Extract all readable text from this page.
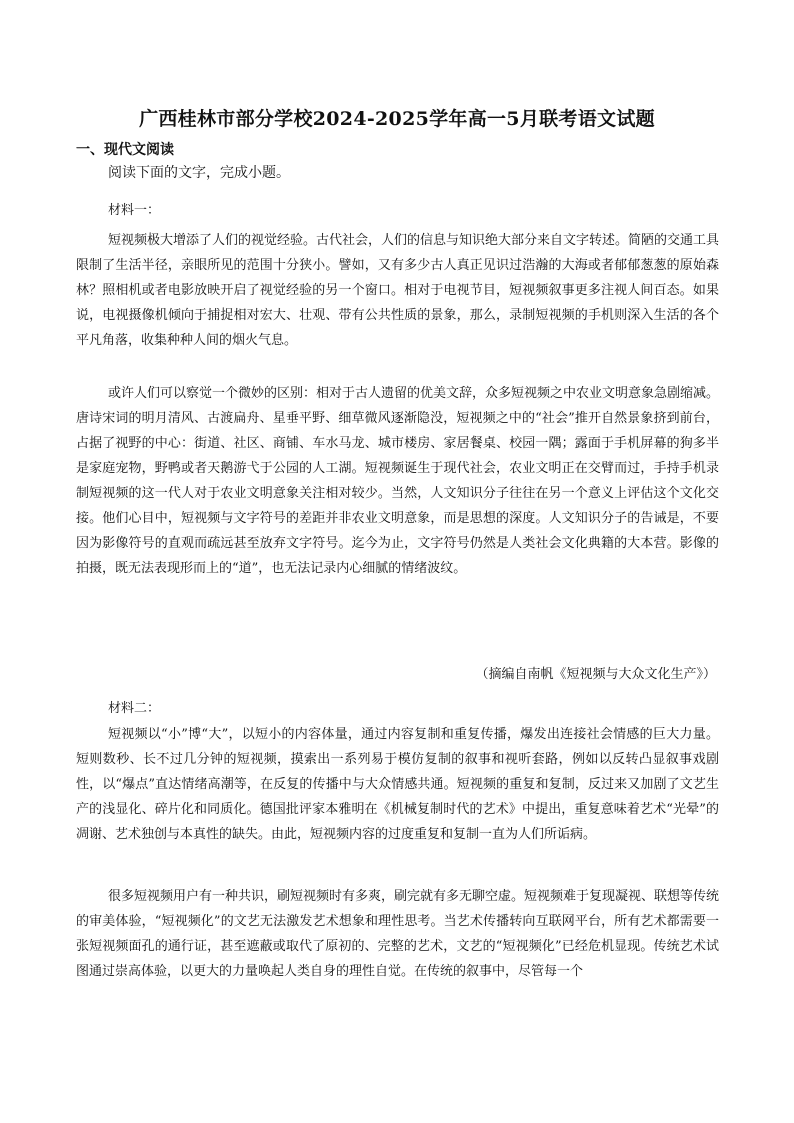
广西桂林市部分学校2024-2025学年高一5月联考语文试题
一、现代文阅读
阅读下面的文字，完成小题。
材料一：

短视频极大增添了人们的视觉经验。古代社会，人们的信息与知识绝大部分来自文字转述。简陋的交通工具限制了生活半径，亲眼所见的范围十分狭小。譬如，又有多少古人真正见识过浩瀚的大海或者郁郁葱葱的原始森林？照相机或者电影放映开启了视觉经验的另一个窗口。相对于电视节目，短视频叙事更多注视人间百态。如果说，电视摄像机倾向于捕捉相对宏大、壮观、带有公共性质的景象，那么，录制短视频的手机则深入生活的各个平凡角落，收集种种人间的烟火气息。

或许人们可以察觉一个微妙的区别：相对于古人遗留的优美文辞，众多短视频之中农业文明意象急剧缩减。唐诗宋词的明月清风、古渡扁舟、星垂平野、细草微风逐渐隐没，短视频之中的“社会”推开自然景象挤到前台，占据了视野的中心：街道、社区、商铺、车水马龙、城市楼房、家居餐桌、校园一隅；露面于手机屏幕的狗多半是家庭宠物，野鸭或者天鹅游弋于公园的人工湖。短视频诞生于现代社会，农业文明正在交臂而过，手持手机录制短视频的这一代人对于农业文明意象关注相对较少。当然，人文知识分子往往在另一个意义上评估这个文化交接。他们心目中，短视频与文字符号的差距并非农业文明意象，而是思想的深度。人文知识分子的告诫是，不要因为影像符号的直观而疏远甚至放弃文字符号。迄今为止，文字符号仍然是人类社会文化典籍的大本营。影像的拍摄，既无法表现形而上的“道”，也无法记录内心细腻的情绪波纹。

（摘编自南帆《短视频与大众文化生产》）
材料二：

短视频以“小”博“大”，以短小的内容体量，通过内容复制和重复传播，爆发出连接社会情感的巨大力量。短则数秒、长不过几分钟的短视频，摸索出一系列易于模仿复制的叙事和视听套路，例如以反转凸显叙事戏剧性，以“爆点”直达情绪高潮等，在反复的传播中与大众情感共通。短视频的重复和复制，反过来又加剧了文艺生产的浅显化、碎片化和同质化。德国批评家本雅明在《机械复制时代的艺术》中提出，重复意味着艺术“光晕”的凋谢、艺术独创与本真性的缺失。由此，短视频内容的过度重复和复制一直为人们所诟病。

很多短视频用户有一种共识，刷短视频时有多爽，刷完就有多无聊空虚。短视频难于复现凝视、联想等传统的审美体验，“短视频化”的文艺无法激发艺术想象和理性思考。当艺术传播转向互联网平台，所有艺术都需要一张短视频面孔的通行证，甚至遮蔽或取代了原初的、完整的艺术，文艺的“短视频化”已经危机显现。传统艺术试图通过崇高体验，以更大的力量唤起人类自身的理性自觉。在传统的叙事中，尽管每一个
